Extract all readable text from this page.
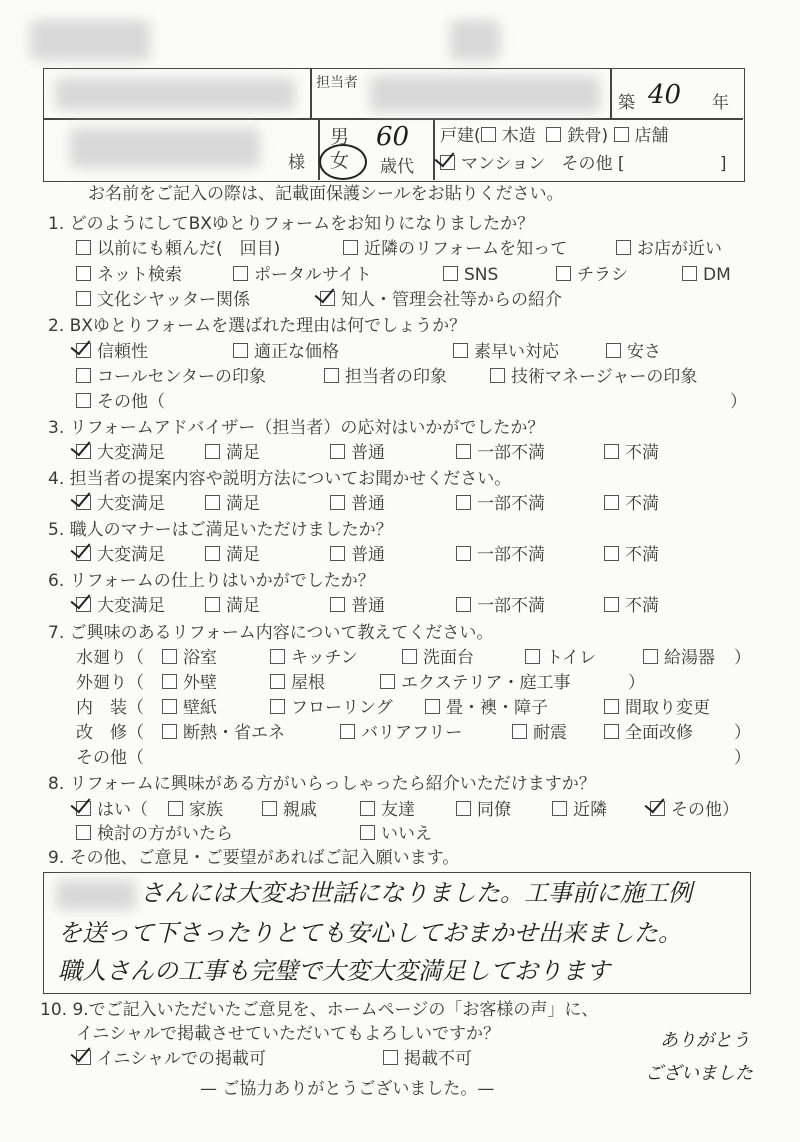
担当者
築 40 年
様
男
女
60
歳代
戸建( 木造 鉄骨) 店舗
マンション その他 [	]
お名前をご記入の際は、記載面保護シールをお貼りください。
1. どのようにしてBXゆとりフォームをお知りになりましたか？
以前にも頼んだ(　回目)	近隣のリフォームを知って	お店が近い
ネット検索	ポータルサイト	SNS	チラシ	DM
文化シヤッター関係	知人・管理会社等からの紹介
2. BXゆとりフォームを選ばれた理由は何でしょうか？
信頼性	適正な価格	素早い対応	安さ
コールセンターの印象	担当者の印象	技術マネージャーの印象
その他（	）
3. リフォームアドバイザー（担当者）の応対はいかがでしたか？
大変満足	満足	普通	一部不満	不満
4. 担当者の提案内容や説明方法についてお聞かせください。
大変満足	満足	普通	一部不満	不満
5. 職人のマナーはご満足いただけましたか？
大変満足	満足	普通	一部不満	不満
6. リフォームの仕上りはいかがでしたか？
大変満足	満足	普通	一部不満	不満
7. ご興味のあるリフォーム内容について教えてください。
水廻り（	浴室	キッチン	洗面台	トイレ	給湯器 ）
外廻り（	外壁	屋根	エクステリア・庭工事	）
内　装（	壁紙	フローリング	畳・襖・障子	間取り変更
改　修（	断熱・省エネ	バリアフリー	耐震	全面改修 ）
その他（	）
8. リフォームに興味がある方がいらっしゃったら紹介いただけますか？
はい（	家族	親戚	友達	同僚	近隣	その他）
検討の方がいたら	いいえ
9. その他、ご意見・ご要望があればご記入願います。
さんには大変お世話になりました。工事前に施工例
を送って下さったりとても安心しておまかせ出来ました。
職人さんの工事も完璧で大変大変満足しております
10. 9.でご記入いただいたご意見を、ホームページの「お客様の声」に、
イニシャルで掲載させていただいてもよろしいですか？
イニシャルでの掲載可	掲載不可
ありがとう
ございました
— ご協力ありがとうございました。—
